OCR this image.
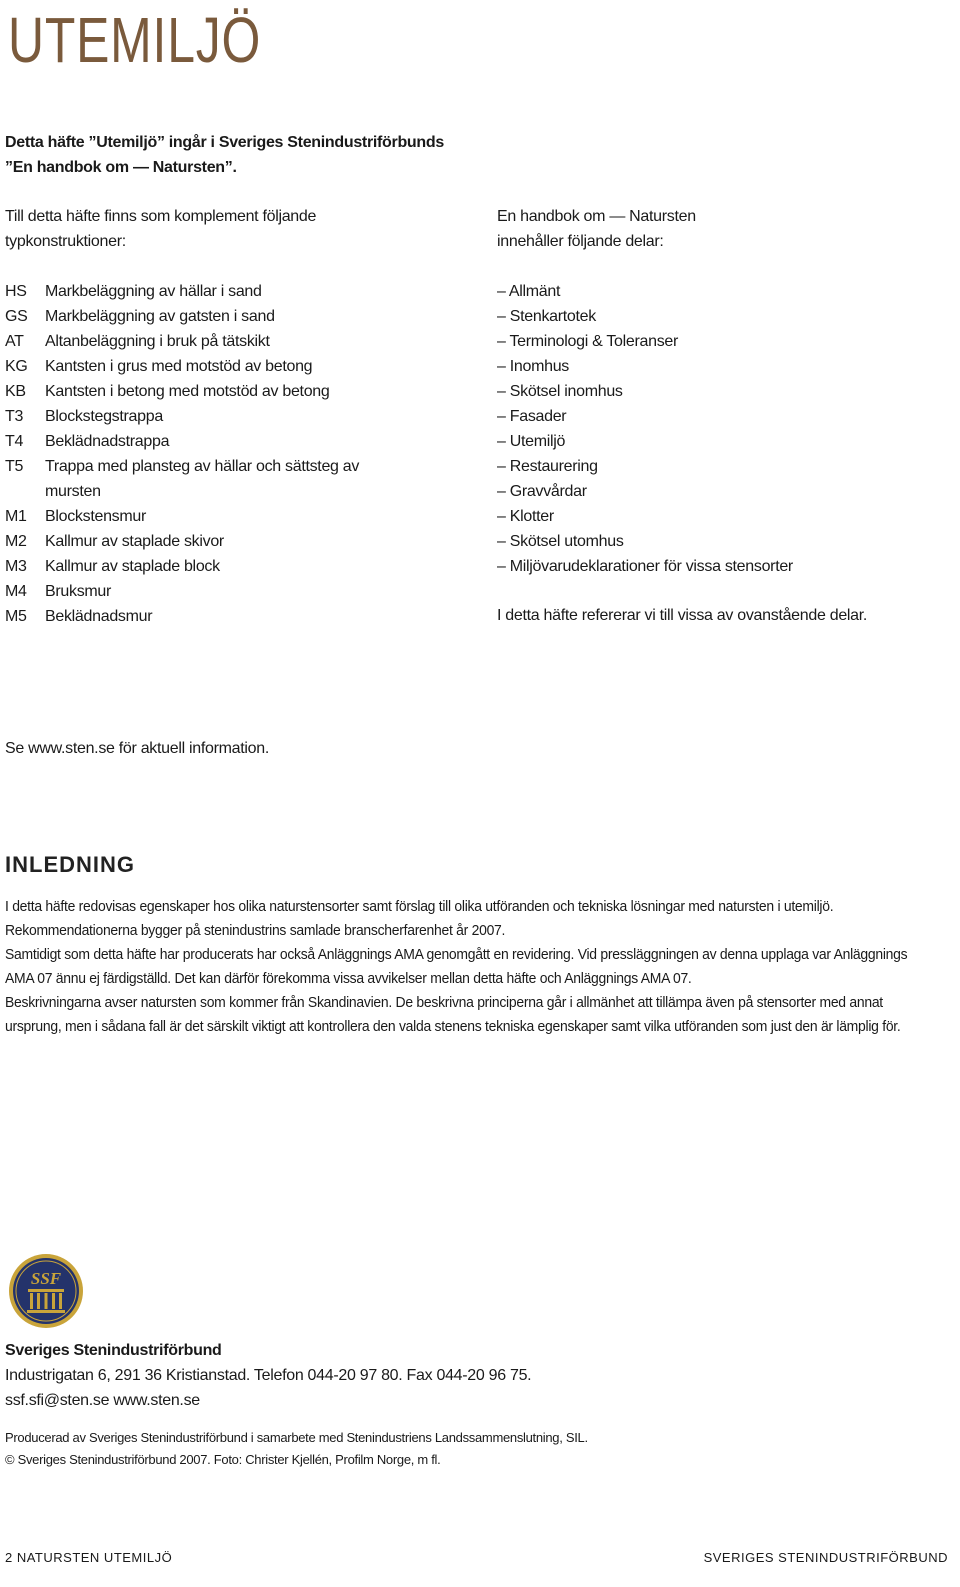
UTEMILJÖ
Detta häfte ”Utemiljö” ingår i Sveriges Stenindustriförbunds
”En handbok om — Natursten”.
Till detta häfte finns som komplement följande
typkonstruktioner:
En handbok om — Natursten
innehåller följande delar:
HS	Markbeläggning av hällar i sand
GS	Markbeläggning av gatsten i sand
AT	Altanbeläggning i bruk på tätskikt
KG	Kantsten i grus med motstöd av betong
KB	Kantsten i betong med motstöd av betong
T3	Blockstegstrappa
T4	Beklädnadstrappa
T5	Trappa med plansteg av hällar och sättsteg av
mursten
M1	Blockstensmur
M2	Kallmur av staplade skivor
M3	Kallmur av staplade block
M4	Bruksmur
M5	Beklädnadsmur
– Allmänt
– Stenkartotek
– Terminologi & Toleranser
– Inomhus
– Skötsel inomhus
– Fasader
– Utemiljö
– Restaurering
– Gravvårdar
– Klotter
– Skötsel utomhus
– Miljövarudeklarationer för vissa stensorter
I detta häfte refererar vi till vissa av ovanstående delar.
Se www.sten.se för aktuell information.
INLEDNING
I detta häfte redovisas egenskaper hos olika naturstensorter samt förslag till olika utföranden och tekniska lösningar med natursten i utemiljö.
Rekommendationerna bygger på stenindustrins samlade branscherfarenhet år 2007.
Samtidigt som detta häfte har producerats har också Anläggnings AMA genomgått en revidering. Vid pressläggningen av denna upplaga var Anläggnings
AMA 07 ännu ej färdigställd. Det kan därför förekomma vissa avvikelser mellan detta häfte och Anläggnings AMA 07.
Beskrivningarna avser natursten som kommer från Skandinavien. De beskrivna principerna går i allmänhet att tillämpa även på stensorter med annat
ursprung, men i sådana fall är det särskilt viktigt att kontrollera den valda stenens tekniska egenskaper samt vilka utföranden som just den är lämplig för.
SSF
Sveriges Stenindustriförbund
Industrigatan 6, 291 36 Kristianstad. Telefon 044-20 97 80. Fax 044-20 96 75.
ssf.sfi@sten.se www.sten.se
Producerad av Sveriges Stenindustriförbund i samarbete med Stenindustriens Landssammenslutning, SIL.
© Sveriges Stenindustriförbund 2007. Foto: Christer Kjellén, Profilm Norge, m fl.
2 NATURSTEN UTEMILJÖ	SVERIGES STENINDUSTRIFÖRBUND
